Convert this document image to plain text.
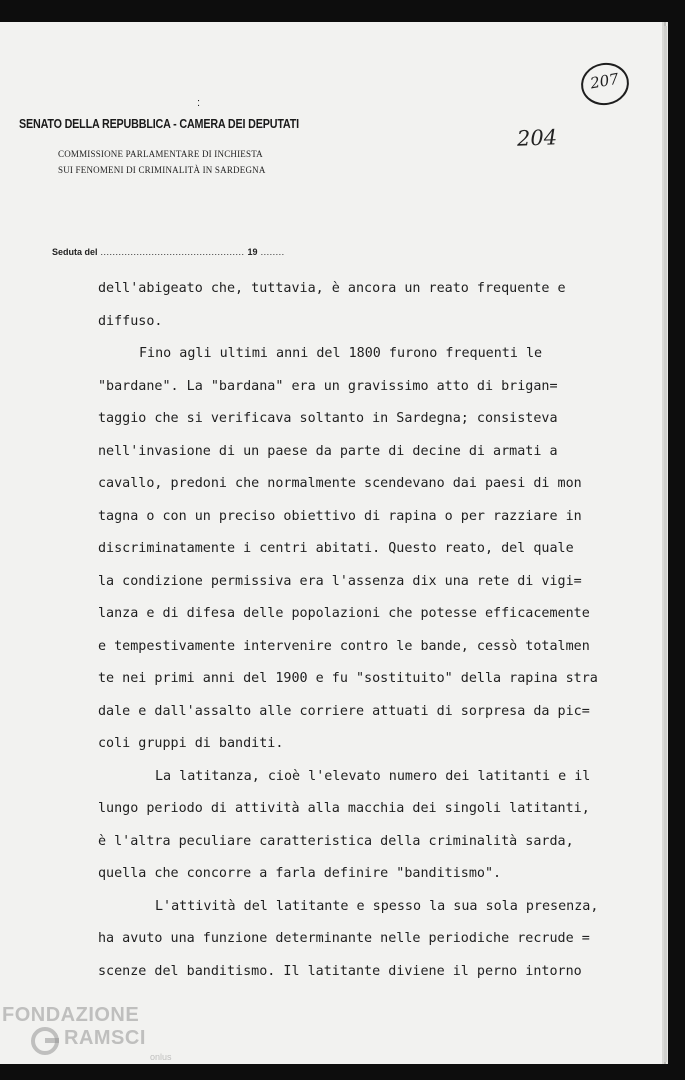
:
SENATO DELLA REPUBBLICA - CAMERA DEI DEPUTATI
COMMISSIONE PARLAMENTARE DI INCHIESTA
SUI FENOMENI DI CRIMINALITÀ IN SARDEGNA
204
207
Seduta del ................................................ 19 ........

dell'abigeato che, tuttavia, è ancora un reato frequente e
diffuso.
Fino agli ultimi anni del 1800 furono frequenti le
"bardane". La "bardana" era un gravissimo atto di brigan=
taggio che si verificava soltanto in Sardegna; consisteva
nell'invasione di un paese da parte di decine di armati a
cavallo, predoni che normalmente scendevano dai paesi di mon
tagna o con un preciso obiettivo di rapina o per razziare in
discriminatamente i centri abitati. Questo reato, del quale
la condizione permissiva era l'assenza dix una rete di vigi=
lanza e di difesa delle popolazioni che potesse efficacemente
e tempestivamente intervenire contro le bande, cessò totalmen
te nei primi anni del 1900 e fu "sostituito" della rapina stra
dale e dall'assalto alle corriere attuati di sorpresa da pic=
coli gruppi di banditi.
La latitanza, cioè l'elevato numero dei latitanti e il
lungo periodo di attività alla macchia dei singoli latitanti,
è l'altra peculiare caratteristica della criminalità sarda,
quella che concorre a farla definire "banditismo".
L'attività del latitante e spesso la sua sola presenza,
ha avuto una funzione determinante nelle periodiche recrude =
scenze del banditismo. Il latitante diviene il perno intorno
FONDAZIONE
RAMSCI
onlus
